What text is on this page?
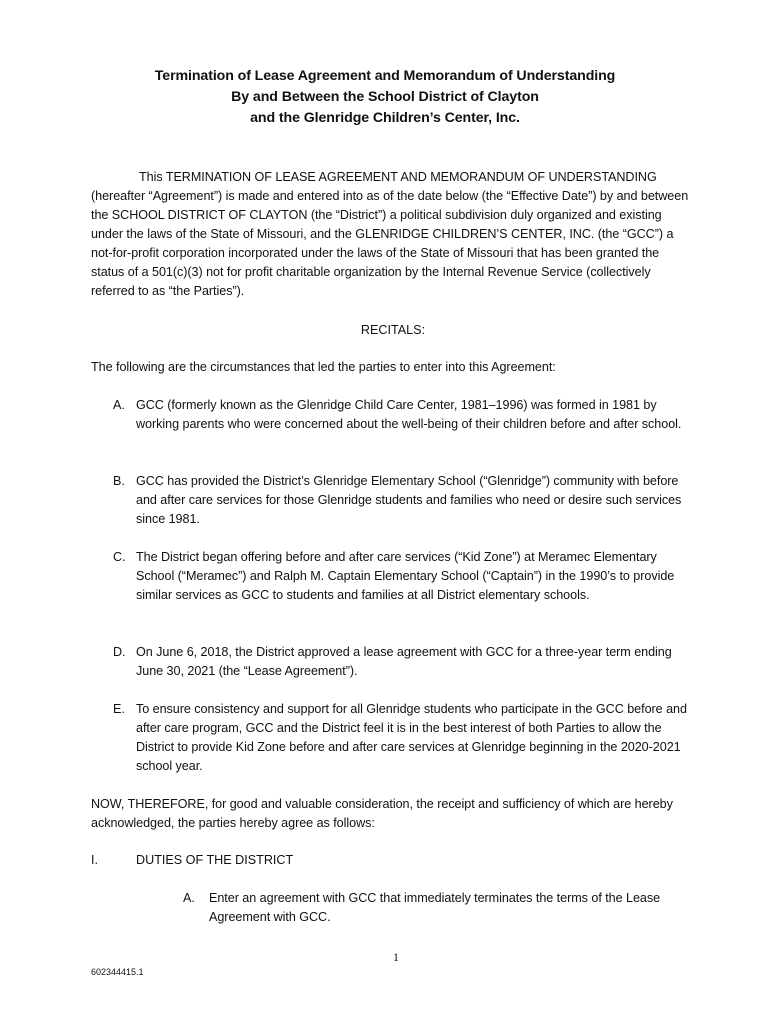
Termination of Lease Agreement and Memorandum of Understanding
By and Between the School District of Clayton
and the Glenridge Children’s Center, Inc.
This TERMINATION OF LEASE AGREEMENT AND MEMORANDUM OF UNDERSTANDING (hereafter “Agreement”) is made and entered into as of the date below (the “Effective Date”) by and between the SCHOOL DISTRICT OF CLAYTON (the “District”) a political subdivision duly organized and existing under the laws of the State of Missouri, and the GLENRIDGE CHILDREN’S CENTER, INC. (the “GCC”) a not-for-profit corporation incorporated under the laws of the State of Missouri that has been granted the status of a 501(c)(3) not for profit charitable organization by the Internal Revenue Service (collectively referred to as “the Parties”).
RECITALS:
The following are the circumstances that led the parties to enter into this Agreement:
A. GCC (formerly known as the Glenridge Child Care Center, 1981–1996) was formed in 1981 by working parents who were concerned about the well-being of their children before and after school.
B. GCC has provided the District’s Glenridge Elementary School (“Glenridge”) community with before and after care services for those Glenridge students and families who need or desire such services since 1981.
C. The District began offering before and after care services (“Kid Zone”) at Meramec Elementary School (“Meramec”) and Ralph M. Captain Elementary School (“Captain”) in the 1990’s to provide similar services as GCC to students and families at all District elementary schools.
D. On June 6, 2018, the District approved a lease agreement with GCC for a three-year term ending June 30, 2021 (the “Lease Agreement”).
E. To ensure consistency and support for all Glenridge students who participate in the GCC before and after care program, GCC and the District feel it is in the best interest of both Parties to allow the District to provide Kid Zone before and after care services at Glenridge beginning in the 2020-2021 school year.
NOW, THEREFORE, for good and valuable consideration, the receipt and sufficiency of which are hereby acknowledged, the parties hereby agree as follows:
I.	DUTIES OF THE DISTRICT
A. Enter an agreement with GCC that immediately terminates the terms of the Lease Agreement with GCC.
1
602344415.1
